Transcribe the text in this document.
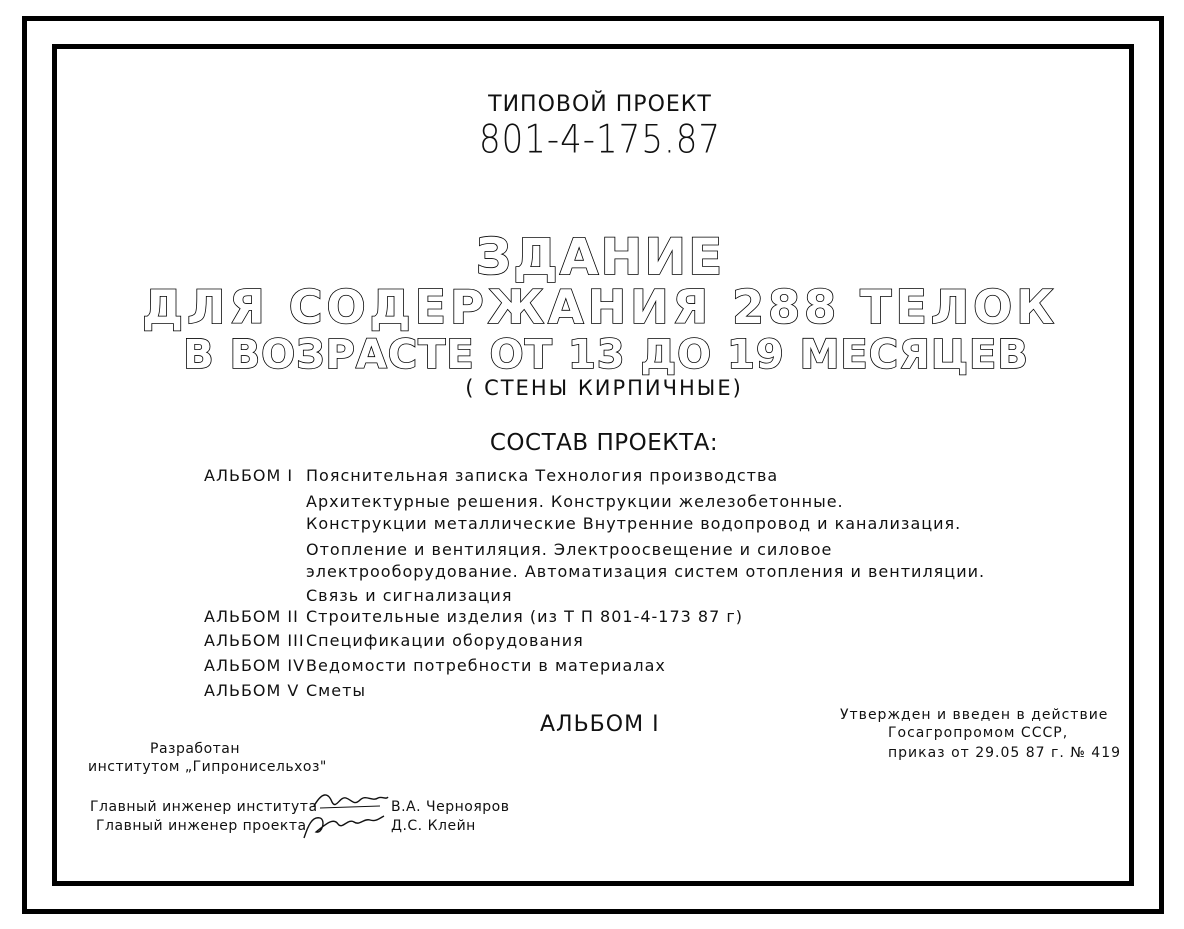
ТИПОВОЙ ПРОЕКТ
801-4-175.87
ЗДАНИЕ
ДЛЯ СОДЕРЖАНИЯ 288 ТЕЛОК
В ВОЗРАСТЕ ОТ 13 ДО 19 МЕСЯЦЕВ
( СТЕНЫ КИРПИЧНЫЕ)
СОСТАВ ПРОЕКТА:
АЛЬБОМ I Пояснительная записка Технология производства
Архитектурные решения. Конструкции железобетонные.
Конструкции металлические Внутренние водопровод и канализация.
Отопление и вентиляция. Электроосвещение и силовое
электрооборудование. Автоматизация систем отопления и вентиляции.
Связь и сигнализация
АЛЬБОМ II Строительные изделия (из Т П 801-4-173 87 г)
АЛЬБОМ III Спецификации оборудования
АЛЬБОМ IV Ведомости потребности в материалах
АЛЬБОМ V Сметы
АЛЬБОМ I	Утвержден и введен в действие
Госагропромом СССР,
приказ от 29.05 87 г. № 419
Разработан
институтом „Гипронисельхоз"
Главный инженер института	В.А. Чернояров
Главный инженер проекта	Д.С. Клейн
